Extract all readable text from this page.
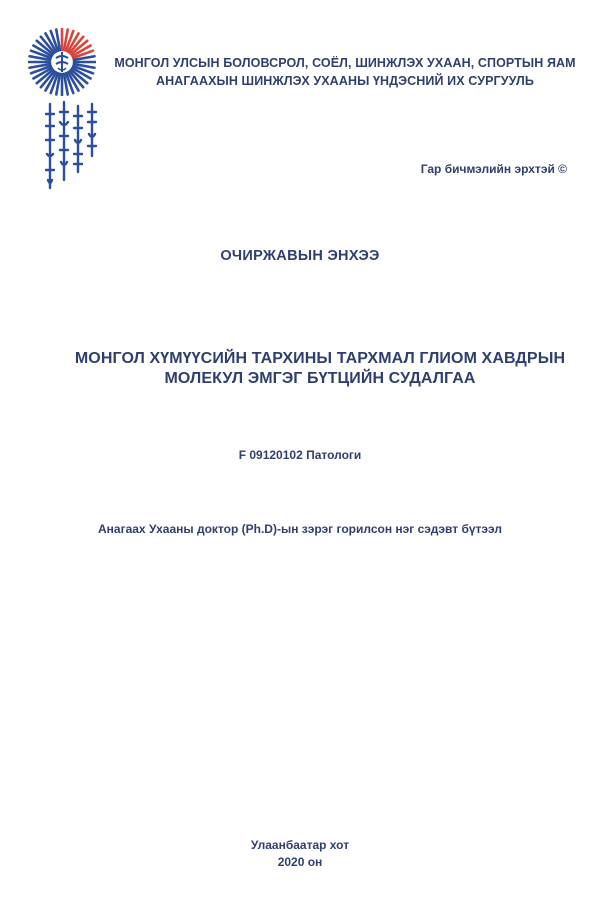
МОНГОЛ УЛСЫН БОЛОВСРОЛ, СОЁЛ, ШИНЖЛЭХ УХААН, СПОРТЫН ЯАМ
АНАГААХЫН ШИНЖЛЭХ УХААНЫ ҮНДЭСНИЙ ИХ СУРГУУЛЬ
Гар бичмэлийн эрхтэй ©
ОЧИРЖАВЫН ЭНХЭЭ
МОНГОЛ ХҮМҮҮСИЙН ТАРХИНЫ ТАРХМАЛ ГЛИОМ ХАВДРЫН
МОЛЕКУЛ ЭМГЭГ БҮТЦИЙН СУДАЛГАА
F 09120102 Патологи
Анагаах Ухааны доктор (Ph.D)-ын зэрэг горилсон нэг сэдэвт бүтээл
Улаанбаатар хот
2020 он
